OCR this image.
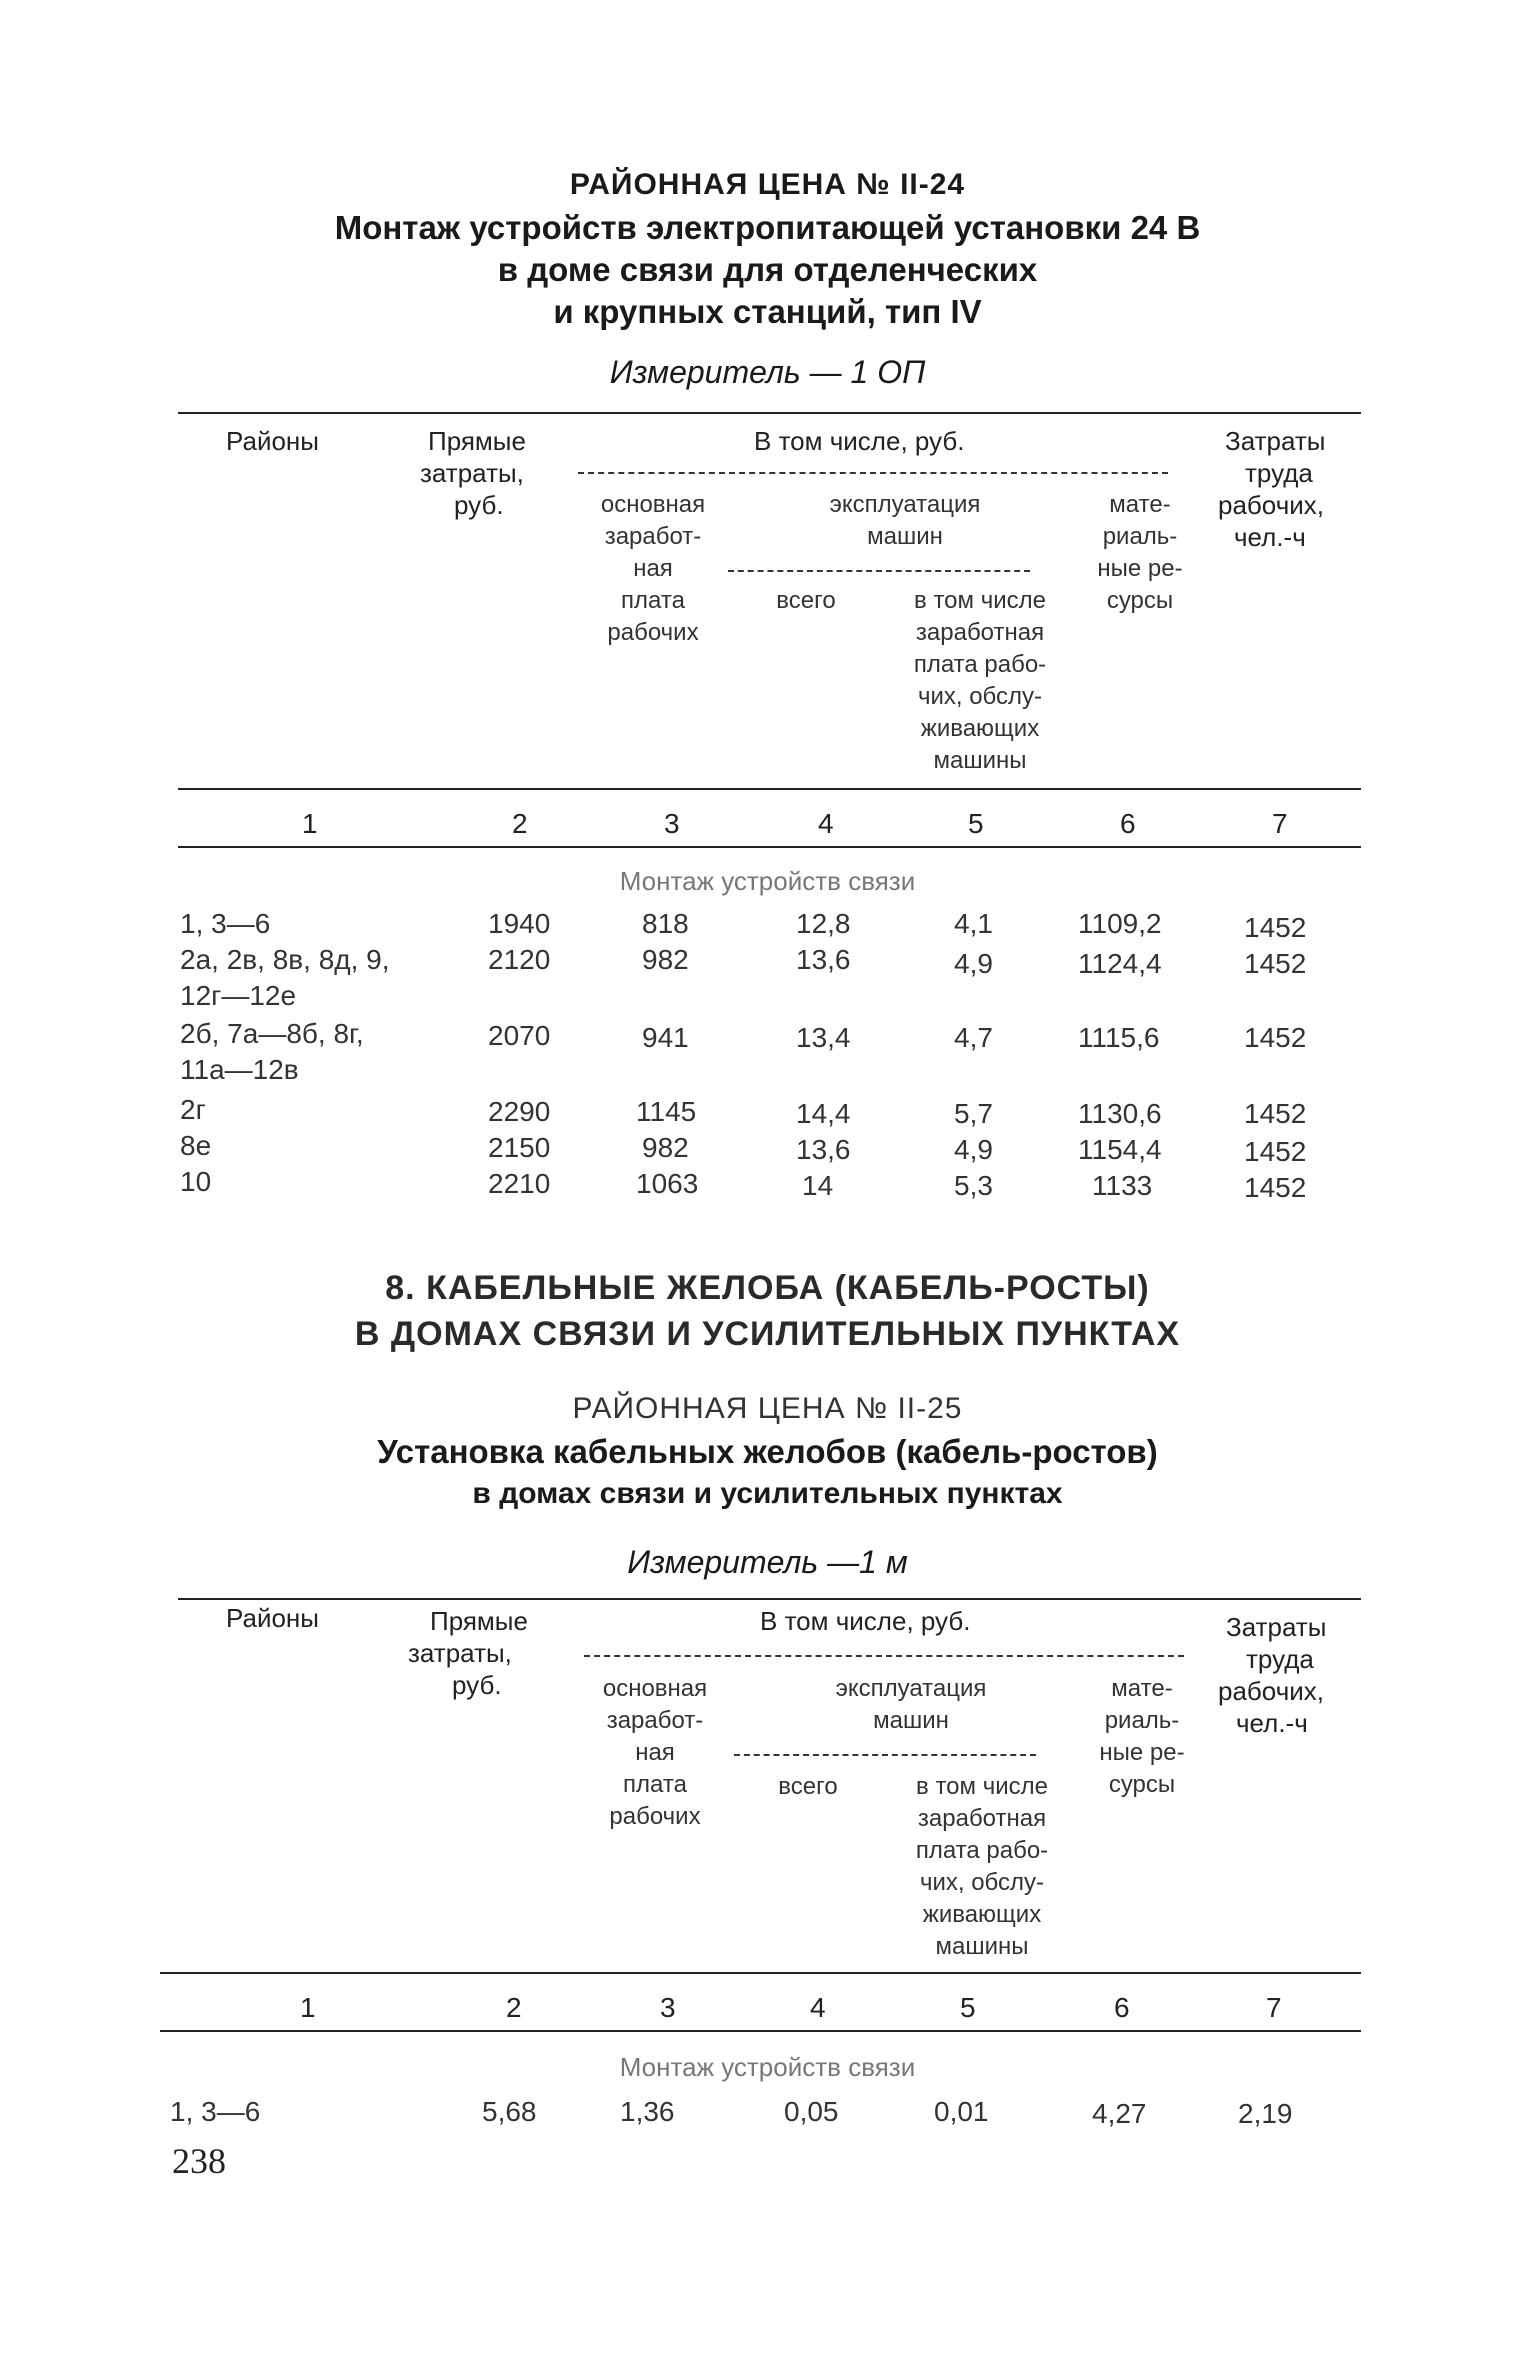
РАЙОННАЯ ЦЕНА № II-24
Монтаж устройств электропитающей установки 24 В
в доме связи для отделенческих
и крупных станций, тип IV
Измеритель — 1 ОП
Районы	Прямые
затраты,
руб.
В том числе, руб.	Затраты
труда
рабочих,
чел.-ч
основная
заработ-
ная
плата
рабочих
эксплуатация
машин
всего	в том числе
заработная
плата рабо-
чих, обслу-
живающих
машины
мате-
риаль-
ные ре-
сурсы
1	2	3	4	5	6	7
Монтаж устройств связи
1, 3—6	1940	818	12,8	4,1	1109,2	1452
2а, 2в, 8в, 8д, 9,
12г—12е
2120	982	13,6	4,9	1124,4	1452
2б, 7а—8б, 8г,
11а—12в
2070	941	13,4	4,7	1115,6	1452
2г	2290	1145	14,4	5,7	1130,6	1452
8е	2150	982	13,6	4,9	1154,4	1452
10	2210	1063	14	5,3	1133	1452
8. КАБЕЛЬНЫЕ ЖЕЛОБА (КАБЕЛЬ-РОСТЫ)
В ДОМАХ СВЯЗИ И УСИЛИТЕЛЬНЫХ ПУНКТАХ
РАЙОННАЯ ЦЕНА № II-25
Установка кабельных желобов (кабель-ростов)
в домах связи и усилительных пунктах
Измеритель —1 м
Районы	Прямые
затраты,
руб.
В том числе, руб.	Затраты
труда
рабочих,
чел.-ч
основная
заработ-
ная
плата
рабочих
эксплуатация
машин
всего	в том числе
заработная
плата рабо-
чих, обслу-
живающих
машины
мате-
риаль-
ные ре-
сурсы
1	2	3	4	5	6	7
Монтаж устройств связи
1, 3—6	5,68	1,36	0,05	0,01	4,27	2,19
238
